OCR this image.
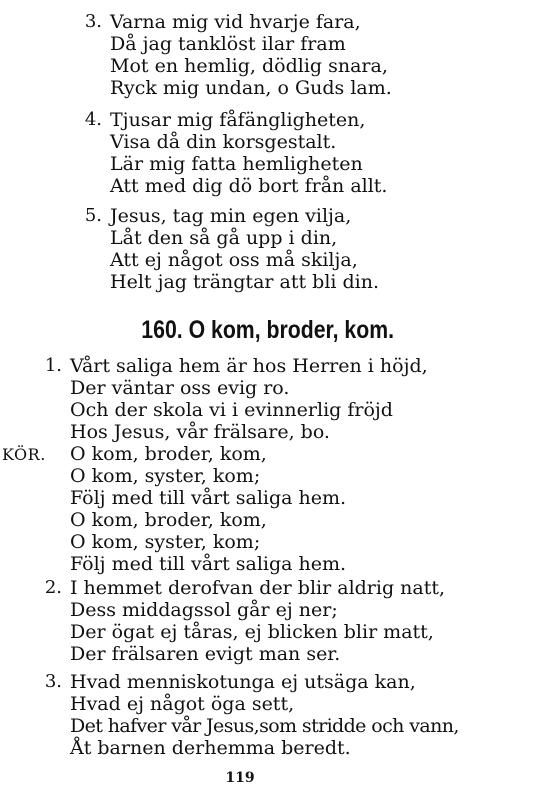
3. Varna mig vid hvarje fara,
Då jag tanklöst ilar fram
Mot en hemlig, dödlig snara,
Ryck mig undan, o Guds lam.
4. Tjusar mig fåfängligheten,
Visa då din korsgestalt.
Lär mig fatta hemligheten
Att med dig dö bort från allt.
5. Jesus, tag min egen vilja,
Låt den så gå upp i din,
Att ej något oss må skilja,
Helt jag trängtar att bli din.
160. O kom, broder, kom.
1. Vårt saliga hem är hos Herren i höjd,
Der väntar oss evig ro.
Och der skola vi i evinnerlig fröjd
Hos Jesus, vår frälsare, bo.
KÖR. O kom, broder, kom,
O kom, syster, kom;
Följ med till vårt saliga hem.
O kom, broder, kom,
O kom, syster, kom;
Följ med till vårt saliga hem.
2. I hemmet derofvan der blir aldrig natt,
Dess middagssol går ej ner;
Der ögat ej tåras, ej blicken blir matt,
Der frälsaren evigt man ser.
3. Hvad menniskotunga ej utsäga kan,
Hvad ej något öga sett,
Det hafver vår Jesus,som stridde och vann,
Åt barnen derhemma beredt.
119
